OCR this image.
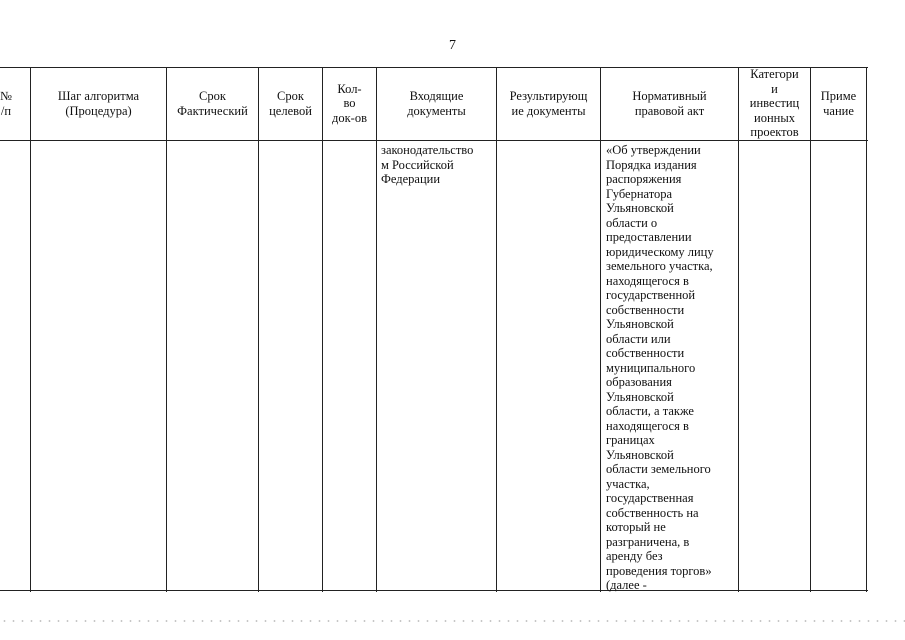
7
№
/п
Шаг алгоритма
(Процедура)
Срок
Фактический
Срок
целевой
Кол-
во
док-ов
Входящие
документы
Результирующ
ие документы
Нормативный
правовой акт
Категори
и
инвестиц
ионных
проектов
Приме
чание
законодательство
м Российской
Федерации
«Об утверждении
Порядка издания
распоряжения
Губернатора
Ульяновской
области о
предоставлении
юридическому лицу
земельного участка,
находящегося в
государственной
собственности
Ульяновской
области или
собственности
муниципального
образования
Ульяновской
области, а также
находящегося в
границах
Ульяновской
области земельного
участка,
государственная
собственность на
который не
разграничена, в
аренду без
проведения торгов»
(далее -
